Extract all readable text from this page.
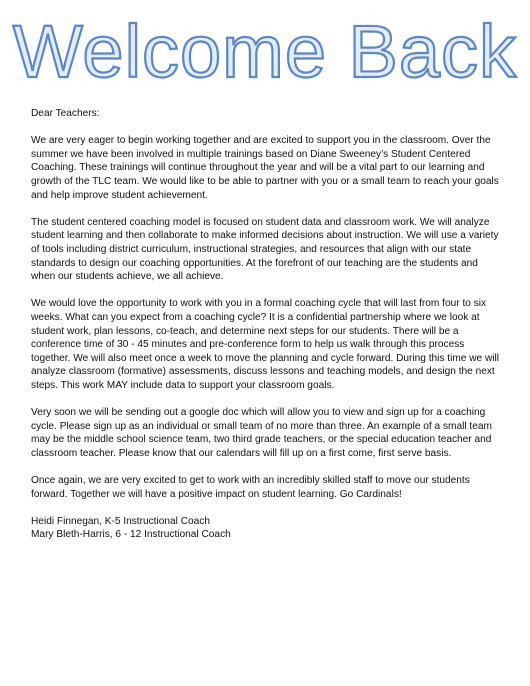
Welcome Back

Dear Teachers:

We are very eager to begin working together and are excited to support you in the classroom. Over the summer we have been involved in multiple trainings based on Diane Sweeney’s Student Centered Coaching. These trainings will continue throughout the year and will be a vital part to our learning and growth of the TLC team. We would like to be able to partner with you or a small team to reach your goals and help improve student achievement.

The student centered coaching model is focused on student data and classroom work. We will analyze student learning and then collaborate to make informed decisions about instruction. We will use a variety of tools including district curriculum, instructional strategies, and resources that align with our state standards to design our coaching opportunities. At the forefront of our teaching are the students and when our students achieve, we all achieve.

We would love the opportunity to work with you in a formal coaching cycle that will last from four to six weeks. What can you expect from a coaching cycle? It is a confidential partnership where we look at student work, plan lessons, co-teach, and determine next steps for our students. There will be a conference time of 30 - 45 minutes and pre-conference form to help us walk through this process together. We will also meet once a week to move the planning and cycle forward. During this time we will analyze classroom (formative) assessments, discuss lessons and teaching models, and design the next steps. This work MAY include data to support your classroom goals.

Very soon we will be sending out a google doc which will allow you to view and sign up for a coaching cycle. Please sign up as an individual or small team of no more than three. An example of a small team may be the middle school science team, two third grade teachers, or the special education teacher and classroom teacher. Please know that our calendars will fill up on a first come, first serve basis.

Once again, we are very excited to get to work with an incredibly skilled staff to move our students forward. Together we will have a positive impact on student learning. Go Cardinals!

Heidi Finnegan, K-5 Instructional Coach

Mary Bleth-Harris, 6 - 12 Instructional Coach
